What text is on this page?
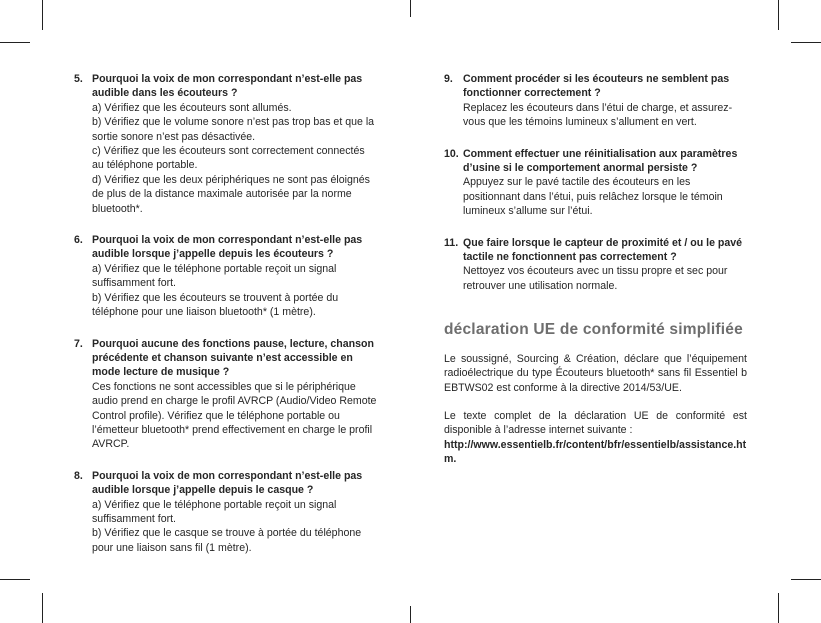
5. Pourquoi la voix de mon correspondant n’est-elle pas audible dans les écouteurs ?

a) Vérifiez que les écouteurs sont allumés.

b) Vérifiez que le volume sonore n’est pas trop bas et que la sortie sonore n’est pas désactivée.

c) Vérifiez que les écouteurs sont correctement connectés au téléphone portable.

d) Vérifiez que les deux périphériques ne sont pas éloignés de plus de la distance maximale autorisée par la norme bluetooth*.

6. Pourquoi la voix de mon correspondant n’est-elle pas audible lorsque j’appelle depuis les écouteurs ?

a) Vérifiez que le téléphone portable reçoit un signal suffisamment fort.

b) Vérifiez que les écouteurs se trouvent à portée du téléphone pour une liaison bluetooth* (1 mètre).

7. Pourquoi aucune des fonctions pause, lecture, chanson précédente et chanson suivante n’est accessible en mode lecture de musique ?

Ces fonctions ne sont accessibles que si le périphérique audio prend en charge le profil AVRCP (Audio/Video Remote Control profile). Vérifiez que le téléphone portable ou l’émetteur bluetooth* prend effectivement en charge le profil AVRCP.

8. Pourquoi la voix de mon correspondant n’est-elle pas audible lorsque j’appelle depuis le casque ?

a) Vérifiez que le téléphone portable reçoit un signal suffisamment fort.

b) Vérifiez que le casque se trouve à portée du téléphone pour une liaison sans fil (1 mètre).

9. Comment procéder si les écouteurs ne semblent pas fonctionner correctement ?

Replacez les écouteurs dans l’étui de charge, et assurez-vous que les témoins lumineux s’allument en vert.

10. Comment effectuer une réinitialisation aux paramètres d’usine si le comportement anormal persiste ?

Appuyez sur le pavé tactile des écouteurs en les positionnant dans l’étui, puis relâchez lorsque le témoin lumineux s’allume sur l’étui.

11. Que faire lorsque le capteur de proximité et / ou le pavé tactile ne fonctionnent pas correctement ?

Nettoyez vos écouteurs avec un tissu propre et sec pour retrouver une utilisation normale.

déclaration UE de conformité simplifiée

Le soussigné, Sourcing & Création, déclare que l’équipement radioélectrique du type Écouteurs bluetooth* sans fil Essentiel b EBTWS02 est conforme à la directive 2014/53/UE.

Le texte complet de la déclaration UE de conformité est disponible à l’adresse internet suivante :

http://www.essentielb.fr/content/bfr/essentielb/assistance.htm.
